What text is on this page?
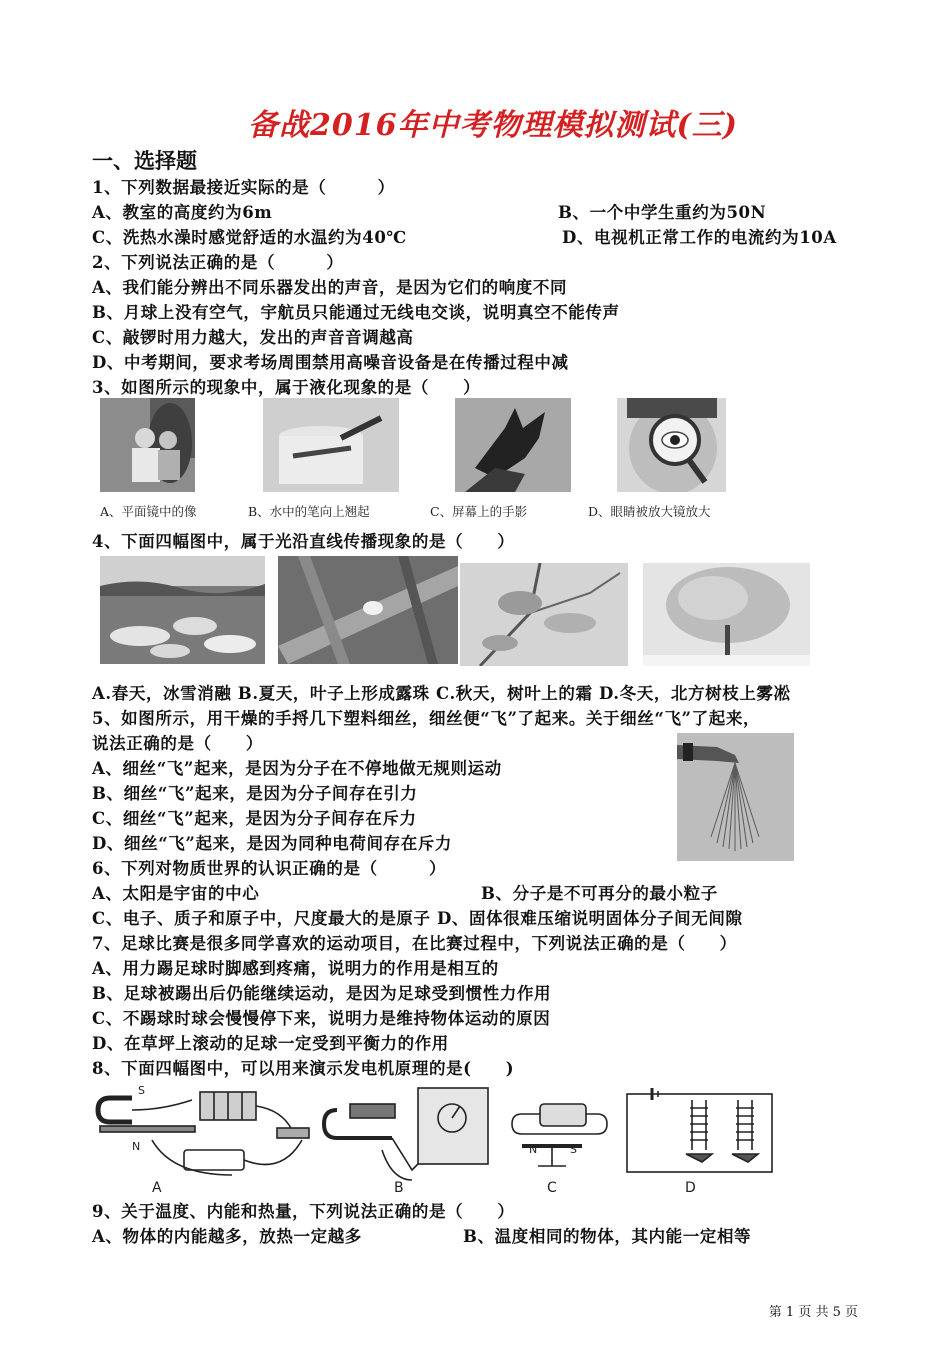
备战2016年中考物理模拟测试(三)
一、选择题
1、下列数据最接近实际的是（　　　）
A、教室的高度约为6m	B、一个中学生重约为50N
C、洗热水澡时感觉舒适的水温约为40℃	D、电视机正常工作的电流约为10A
2、下列说法正确的是（　　　）
A、我们能分辨出不同乐器发出的声音，是因为它们的响度不同
B、月球上没有空气，宇航员只能通过无线电交谈，说明真空不能传声
C、敲锣时用力越大，发出的声音音调越高
D、中考期间，要求考场周围禁用高噪音设备是在传播过程中减
3、如图所示的现象中，属于液化现象的是（　　）
A、平面镜中的像	B、水中的笔向上翘起	C、屏幕上的手影	D、眼睛被放大镜放大
4、下面四幅图中，属于光沿直线传播现象的是（　　）
A.春天，冰雪消融 B.夏天，叶子上形成露珠 C.秋天，树叶上的霜 D.冬天，北方树枝上雾凇
5、如图所示，用干燥的手捋几下塑料细丝，细丝便“飞”了起来。关于细丝“飞”了起来，
说法正确的是（　　）
A、细丝“飞”起来，是因为分子在不停地做无规则运动
B、细丝“飞”起来，是因为分子间存在引力
C、细丝“飞”起来，是因为分子间存在斥力
D、细丝“飞”起来，是因为同种电荷间存在斥力
6、下列对物质世界的认识正确的是（　　　）
A、太阳是宇宙的中心	B、分子是不可再分的最小粒子
C、电子、质子和原子中，尺度最大的是原子 D、固体很难压缩说明固体分子间无间隙
7、足球比赛是很多同学喜欢的运动项目，在比赛过程中，下列说法正确的是（　　）
A、用力踢足球时脚感到疼痛，说明力的作用是相互的
B、足球被踢出后仍能继续运动，是因为足球受到惯性力作用
C、不踢球时球会慢慢停下来，说明力是维持物体运动的原因
D、在草坪上滚动的足球一定受到平衡力的作用
8、下面四幅图中，可以用来演示发电机原理的是(　　)
S
N	N	S
A	B	C	D
9、关于温度、内能和热量，下列说法正确的是（　　）
A、物体的内能越多，放热一定越多	B、温度相同的物体，其内能一定相等
第 1 页 共 5 页
